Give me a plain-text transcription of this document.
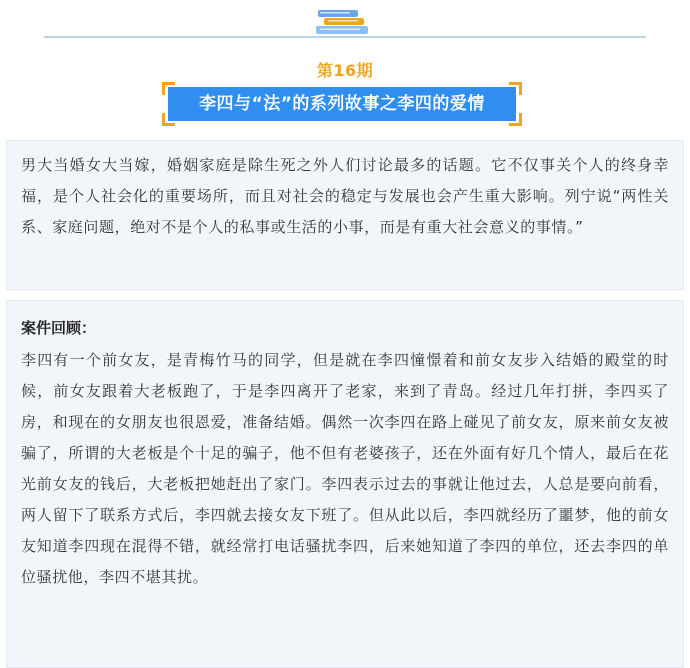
第16期
李四与“法”的系列故事之李四的爱情

男大当婚女大当嫁，婚姻家庭是除生死之外人们讨论最多的话题。它不仅事关个人的终身幸福，是个人社会化的重要场所，而且对社会的稳定与发展也会产生重大影响。列宁说“两性关系、家庭问题，绝对不是个人的私事或生活的小事，而是有重大社会意义的事情。”

案件回顾：

李四有一个前女友，是青梅竹马的同学，但是就在李四憧憬着和前女友步入结婚的殿堂的时候，前女友跟着大老板跑了，于是李四离开了老家，来到了青岛。经过几年打拼，李四买了房，和现在的女朋友也很恩爱，准备结婚。偶然一次李四在路上碰见了前女友，原来前女友被骗了，所谓的大老板是个十足的骗子，他不但有老婆孩子，还在外面有好几个情人，最后在花光前女友的钱后，大老板把她赶出了家门。李四表示过去的事就让他过去，人总是要向前看，两人留下了联系方式后，李四就去接女友下班了。但从此以后，李四就经历了噩梦，他的前女友知道李四现在混得不错，就经常打电话骚扰李四，后来她知道了李四的单位，还去李四的单位骚扰他，李四不堪其扰。
